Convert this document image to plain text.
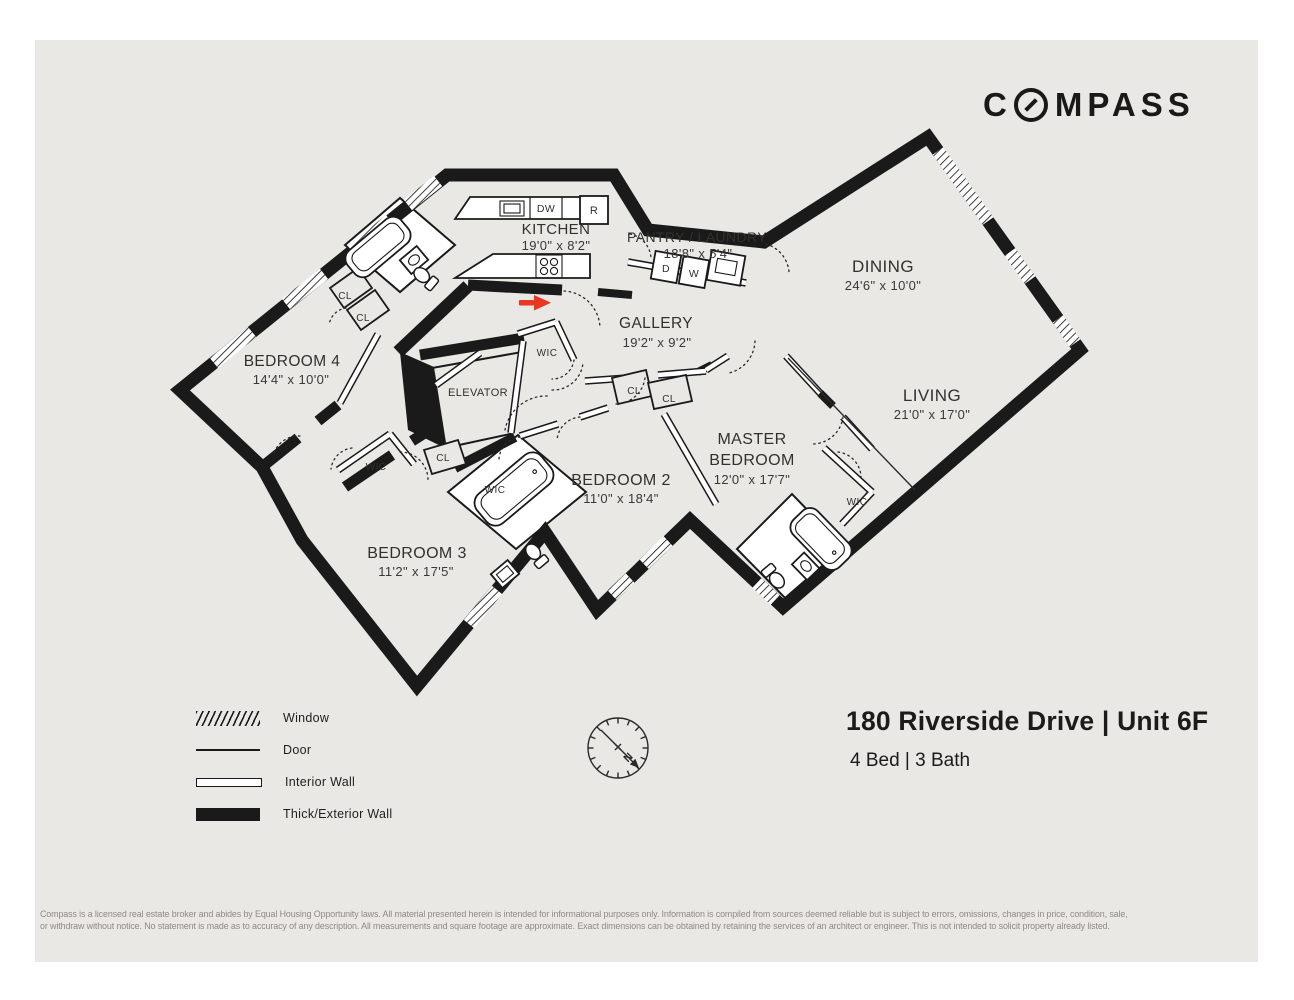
C MPASS
N
KITCHEN
19'0" x 8'2"
PANTRY / LAUNDRY
18'8" x 5'4"
DINING
24'6" x 10'0"
GALLERY
19'2" x 9'2"
LIVING
21'0" x 17'0"
MASTER
BEDROOM
12'0" x 17'7"
BEDROOM 2
11'0" x 18'4"
BEDROOM 3
11'2" x 17'5"
BEDROOM 4
14'4" x 10'0"
ELEVATOR
WIC
WIC
WIC
WIC
CL
CL
CL
CL
CL
DW	R
D W
Window
Door
Interior Wall
Thick/Exterior Wall
180 Riverside Drive | Unit 6F
4 Bed | 3 Bath
Compass is a licensed real estate broker and abides by Equal Housing Opportunity laws. All material presented herein is intended for informational purposes only. Information is compiled from sources deemed reliable but is subject to errors, omissions, changes in price, condition, sale,
or withdraw without notice. No statement is made as to accuracy of any description. All measurements and square footage are approximate. Exact dimensions can be obtained by retaining the services of an architect or engineer. This is not intended to solicit property already listed.
